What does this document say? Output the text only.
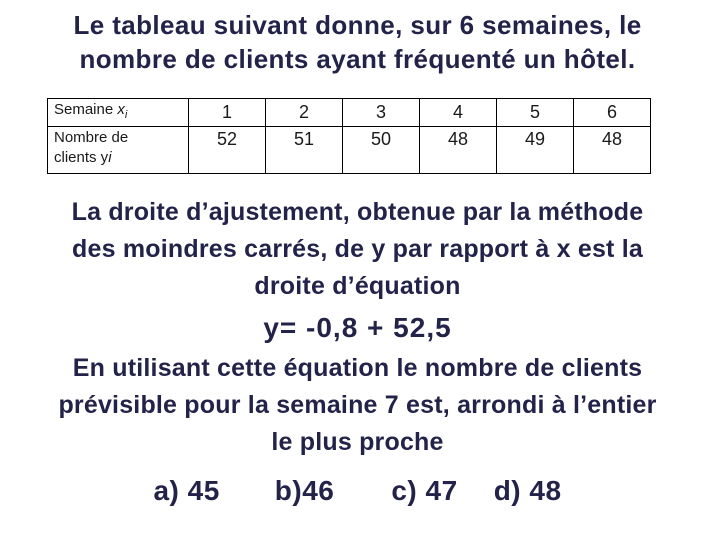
Le tableau suivant donne, sur 6 semaines, le
nombre de clients ayant fréquenté un hôtel.
Semaine $x_i$	1	2	3	4	5	6
Nombre de
clients yi	52	51	50	48	49	48
La droite d’ajustement, obtenue par la méthode
des moindres carrés, de y par rapport à x est la
droite d’équation
y= -0,8 + 52,5
En utilisant cette équation le nombre de clients
prévisible pour la semaine 7 est, arrondi à l’entier
le plus proche
a) 45 b)46 c) 47 d) 48
